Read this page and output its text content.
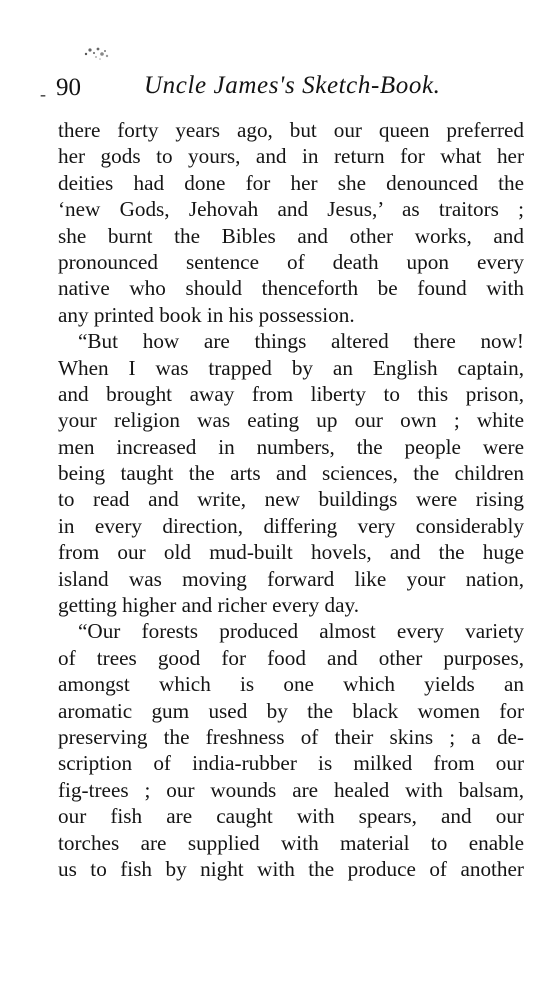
- 90	Uncle James's Sketch-Book.
there forty years ago, but our queen preferred
her gods to yours, and in return for what her
deities had done for her she denounced the
‘new Gods, Jehovah and Jesus,’ as traitors ;
she burnt the Bibles and other works, and
pronounced sentence of death upon every
native who should thenceforth be found with
any printed book in his possession.
“But how are things altered there now!
When I was trapped by an English captain,
and brought away from liberty to this prison,
your religion was eating up our own ; white
men increased in numbers, the people were
being taught the arts and sciences, the children
to read and write, new buildings were rising
in every direction, differing very considerably
from our old mud-built hovels, and the huge
island was moving forward like your nation,
getting higher and richer every day.
“Our forests produced almost every variety
of trees good for food and other purposes,
amongst which is one which yields an
aromatic gum used by the black women for
preserving the freshness of their skins ; a de-
scription of india-rubber is milked from our
fig-trees ; our wounds are healed with balsam,
our fish are caught with spears, and our
torches are supplied with material to enable
us to fish by night with the produce of another
